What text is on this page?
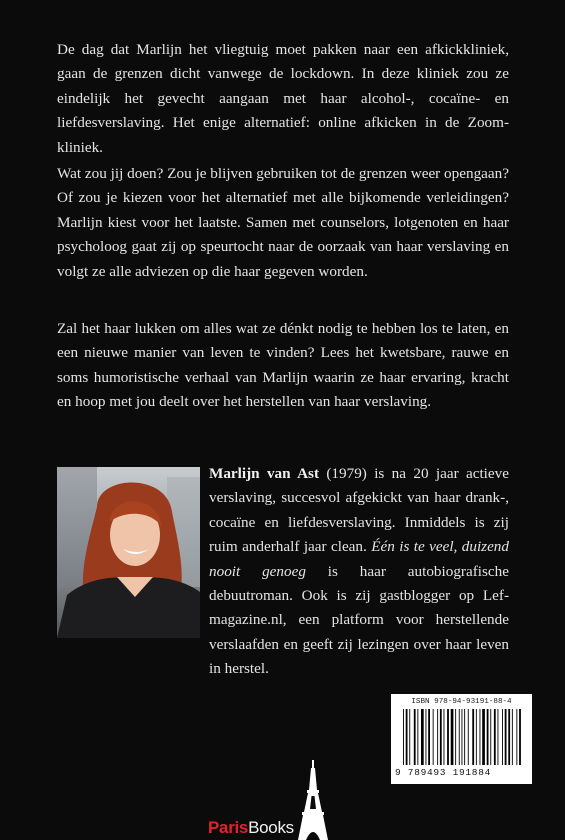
De dag dat Marlijn het vliegtuig moet pakken naar een afkickkliniek, gaan de grenzen dicht vanwege de lockdown. In deze kliniek zou ze eindelijk het gevecht aangaan met haar alcohol-, cocaïne- en liefdesverslaving. Het enige alternatief: online afkicken in de Zoom-kliniek.

Wat zou jij doen? Zou je blijven gebruiken tot de grenzen weer opengaan? Of zou je kiezen voor het alternatief met alle bijkomende verleidingen? Marlijn kiest voor het laatste. Samen met counselors, lotgenoten en haar psycholoog gaat zij op speurtocht naar de oorzaak van haar verslaving en volgt ze alle adviezen op die haar gegeven worden.

Zal het haar lukken om alles wat ze dénkt nodig te hebben los te laten, en een nieuwe manier van leven te vinden? Lees het kwetsbare, rauwe en soms humoristische verhaal van Marlijn waarin ze haar ervaring, kracht en hoop met jou deelt over het herstellen van haar verslaving.

Marlijn van Ast (1979) is na 20 jaar actieve verslaving, succesvol afgekickt van haar drank-, cocaïne en liefdesverslaving. Inmiddels is zij ruim anderhalf jaar clean. Één is te veel, duizend nooit genoeg is haar autobiografische debuutroman. Ook is zij gastblogger op Lef-magazine.nl, een platform voor herstellende verslaafden en geeft zij lezingen over haar leven in herstel.

ParisBooks
ISBN 978-94-93191-88-4
9 789493 191884
